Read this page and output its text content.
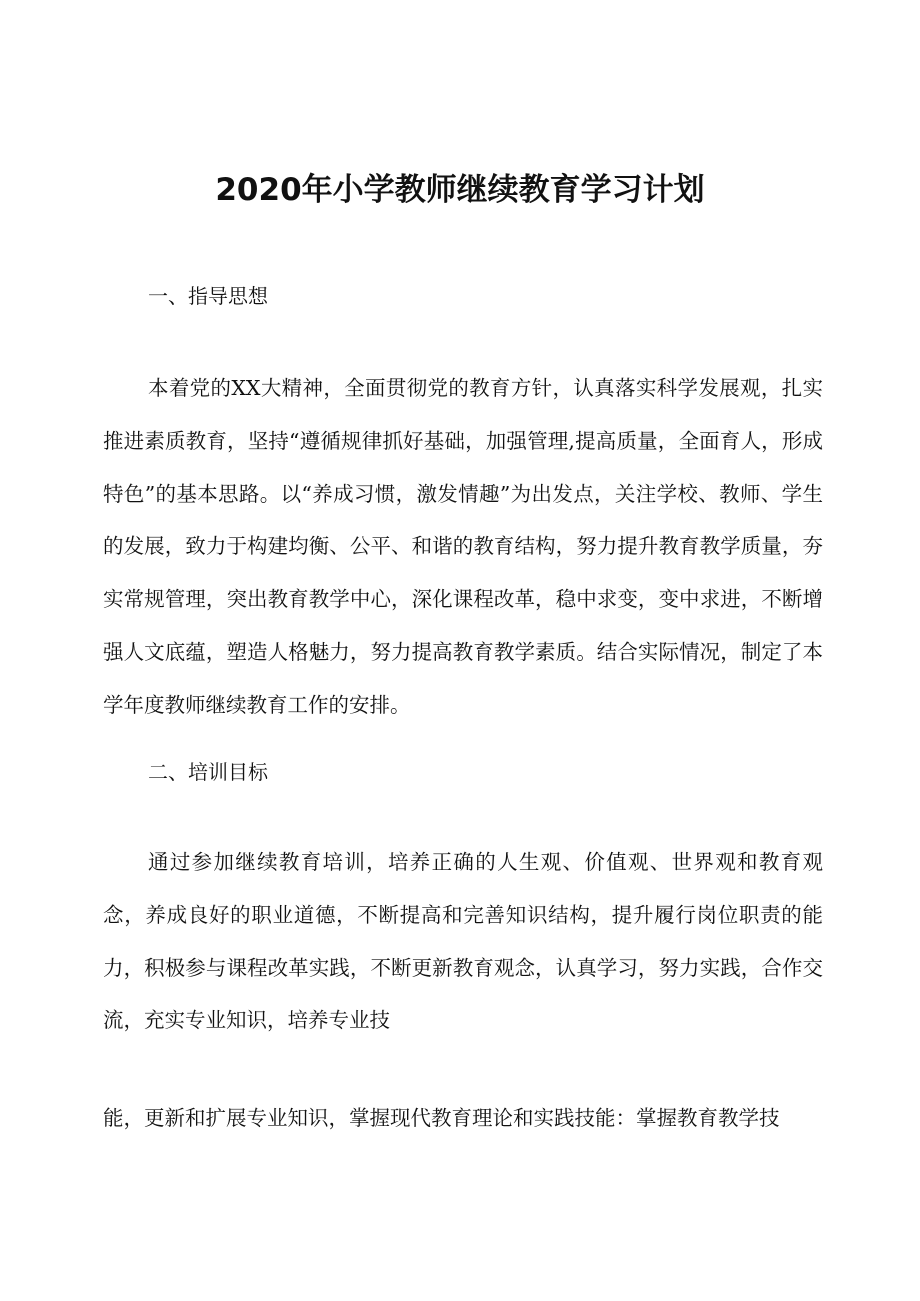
2020年小学教师继续教育学习计划
一、指导思想

本着党的XX大精神，全面贯彻党的教育方针，认真落实科学发展观，扎实推进素质教育，坚持“遵循规律抓好基础，加强管理,提高质量，全面育人，形成特色”的基本思路。以“养成习惯，激发情趣”为出发点，关注学校、教师、学生的发展，致力于构建均衡、公平、和谐的教育结构，努力提升教育教学质量，夯实常规管理，突出教育教学中心，深化课程改革，稳中求变，变中求进，不断增强人文底蕴，塑造人格魅力，努力提高教育教学素质。结合实际情况，制定了本学年度教师继续教育工作的安排。

二、培训目标

通过参加继续教育培训，培养正确的人生观、价值观、世界观和教育观念，养成良好的职业道德，不断提高和完善知识结构，提升履行岗位职责的能力，积极参与课程改革实践，不断更新教育观念，认真学习，努力实践，合作交流，充实专业知识，培养专业技

能，更新和扩展专业知识，掌握现代教育理论和实践技能：掌握教育教学技
